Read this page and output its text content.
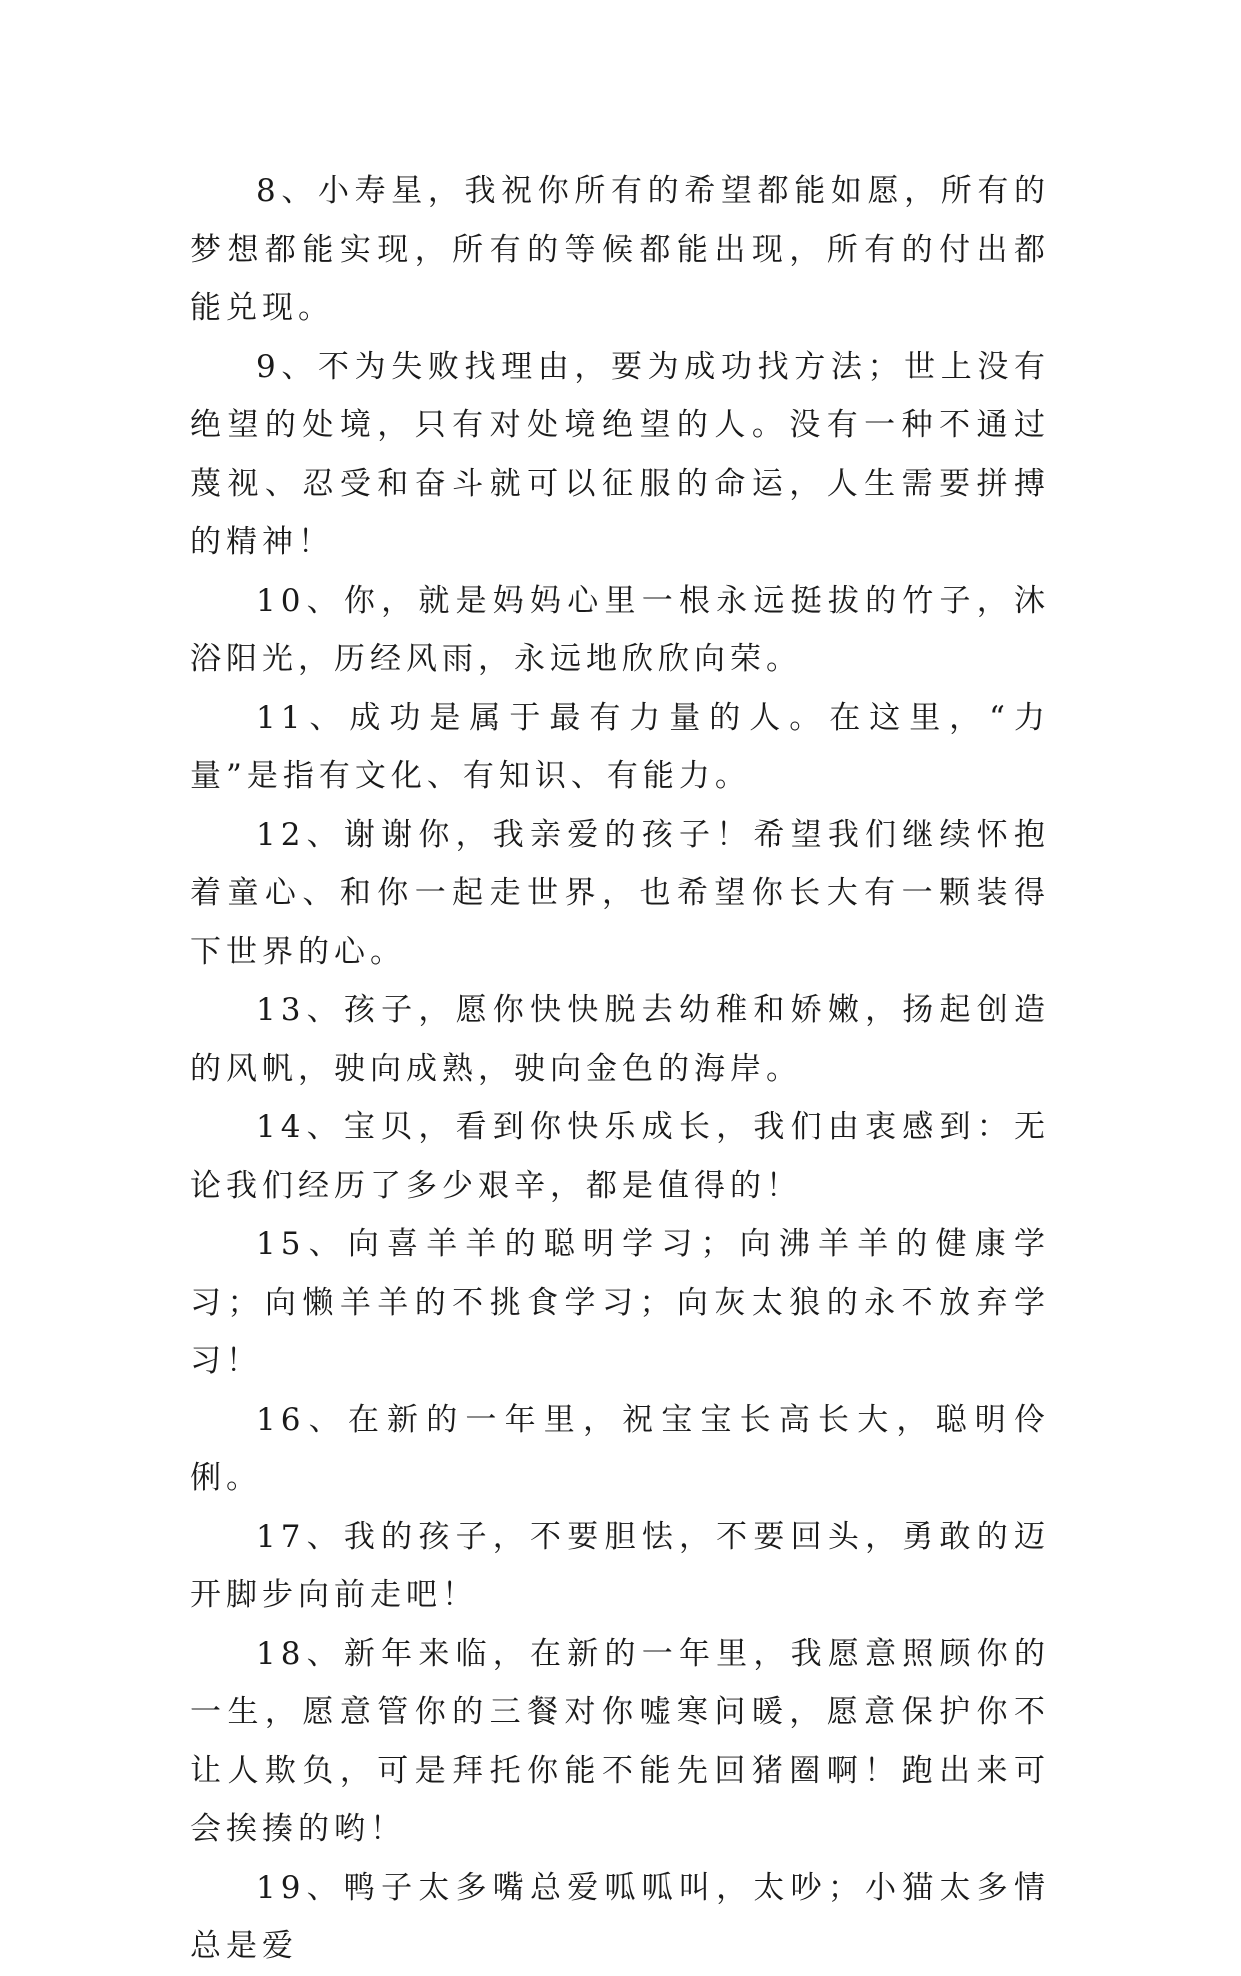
8、小寿星，我祝你所有的希望都能如愿，所有的梦想都能实现，所有的等候都能出现，所有的付出都能兑现。

9、不为失败找理由，要为成功找方法；世上没有绝望的处境，只有对处境绝望的人。没有一种不通过蔑视、忍受和奋斗就可以征服的命运，人生需要拼搏的精神！

10、你，就是妈妈心里一根永远挺拔的竹子，沐浴阳光，历经风雨，永远地欣欣向荣。

11、成功是属于最有力量的人。在这里，“力量”是指有文化、有知识、有能力。

12、谢谢你，我亲爱的孩子！希望我们继续怀抱着童心、和你一起走世界，也希望你长大有一颗装得下世界的心。

13、孩子，愿你快快脱去幼稚和娇嫩，扬起创造的风帆，驶向成熟，驶向金色的海岸。

14、宝贝，看到你快乐成长，我们由衷感到：无论我们经历了多少艰辛，都是值得的！

15、向喜羊羊的聪明学习；向沸羊羊的健康学习；向懒羊羊的不挑食学习；向灰太狼的永不放弃学习！

16、在新的一年里，祝宝宝长高长大，聪明伶俐。

17、我的孩子，不要胆怯，不要回头，勇敢的迈开脚步向前走吧！

18、新年来临，在新的一年里，我愿意照顾你的一生，愿意管你的三餐对你嘘寒问暖，愿意保护你不让人欺负，可是拜托你能不能先回猪圈啊！跑出来可会挨揍的哟！

19、鸭子太多嘴总爱呱呱叫，太吵；小猫太多情总是爱
